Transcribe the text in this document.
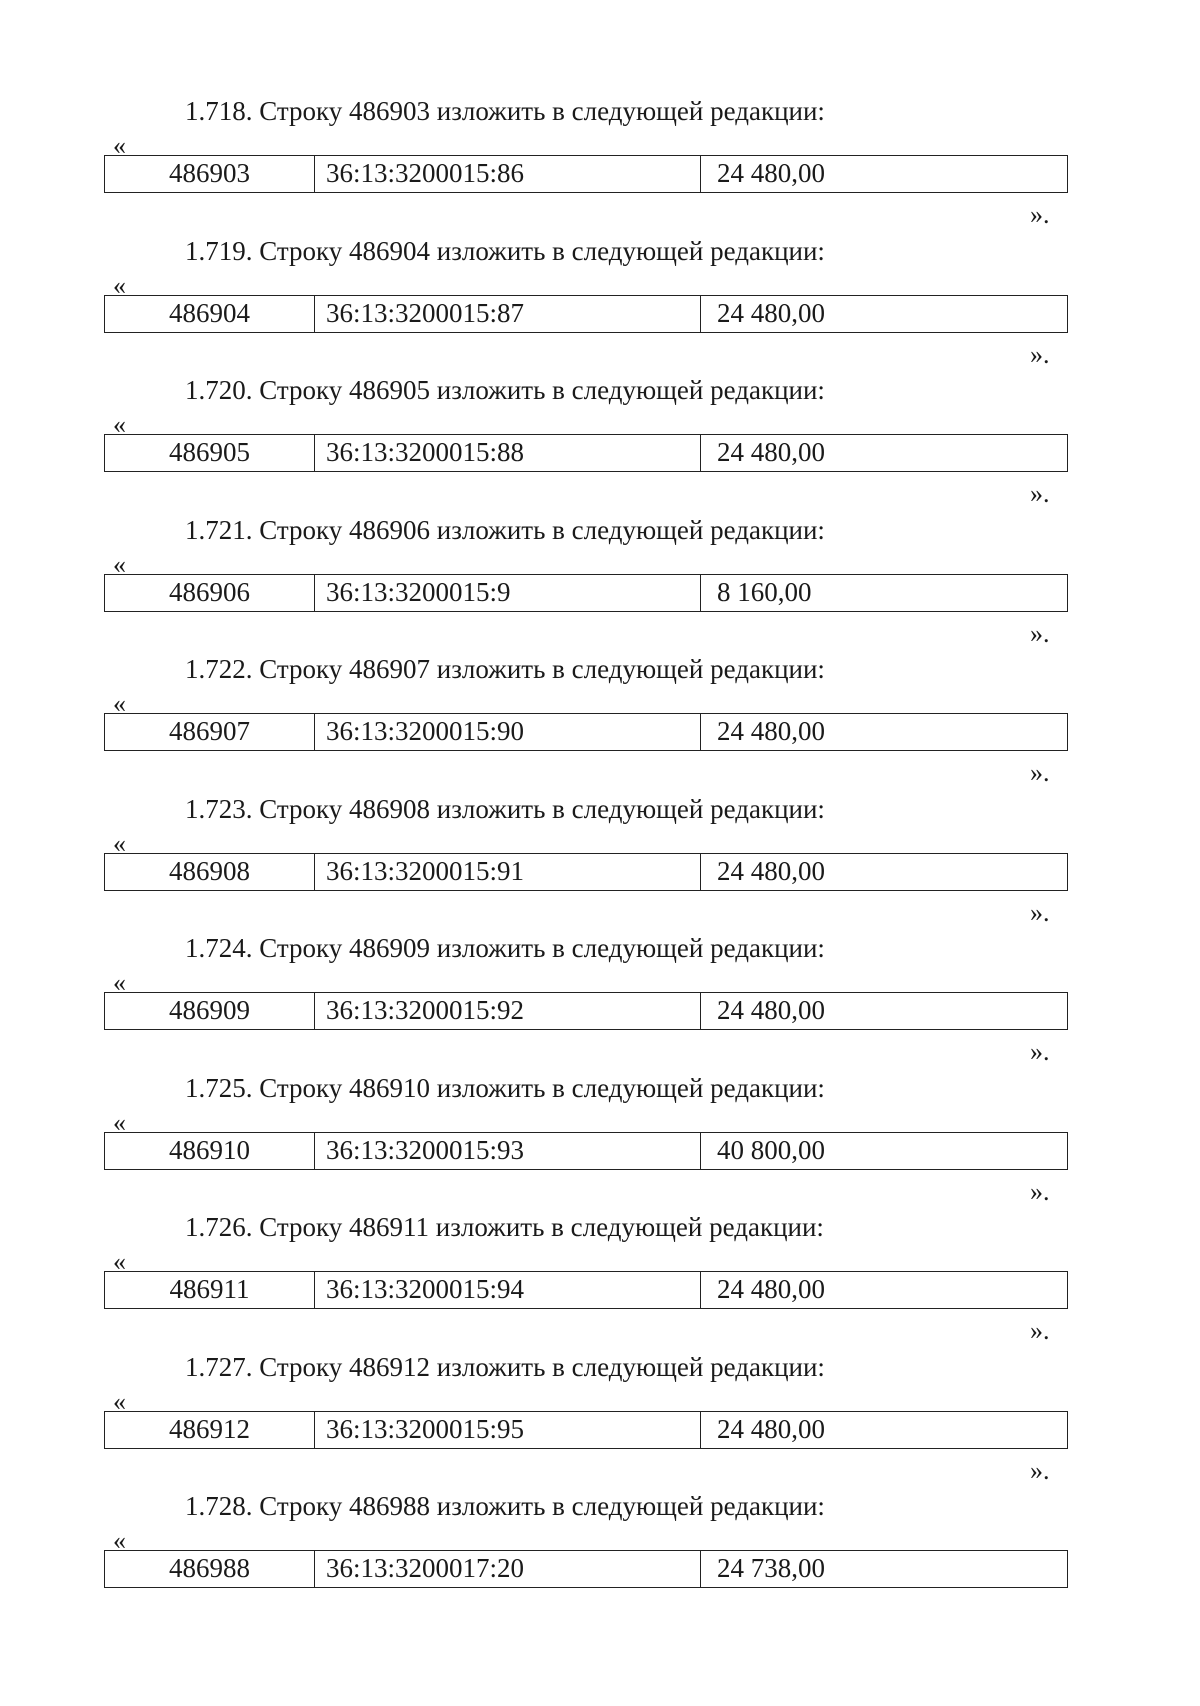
1.718. Строку 486903 изложить в следующей редакции:
«
486903	36:13:3200015:86	24 480,00
».
1.719. Строку 486904 изложить в следующей редакции:
«
486904	36:13:3200015:87	24 480,00
».
1.720. Строку 486905 изложить в следующей редакции:
«
486905	36:13:3200015:88	24 480,00
».
1.721. Строку 486906 изложить в следующей редакции:
«
486906	36:13:3200015:9	8 160,00
».
1.722. Строку 486907 изложить в следующей редакции:
«
486907	36:13:3200015:90	24 480,00
».
1.723. Строку 486908 изложить в следующей редакции:
«
486908	36:13:3200015:91	24 480,00
».
1.724. Строку 486909 изложить в следующей редакции:
«
486909	36:13:3200015:92	24 480,00
».
1.725. Строку 486910 изложить в следующей редакции:
«
486910	36:13:3200015:93	40 800,00
».
1.726. Строку 486911 изложить в следующей редакции:
«
486911	36:13:3200015:94	24 480,00
».
1.727. Строку 486912 изложить в следующей редакции:
«
486912	36:13:3200015:95	24 480,00
».
1.728. Строку 486988 изложить в следующей редакции:
«
486988	36:13:3200017:20	24 738,00
